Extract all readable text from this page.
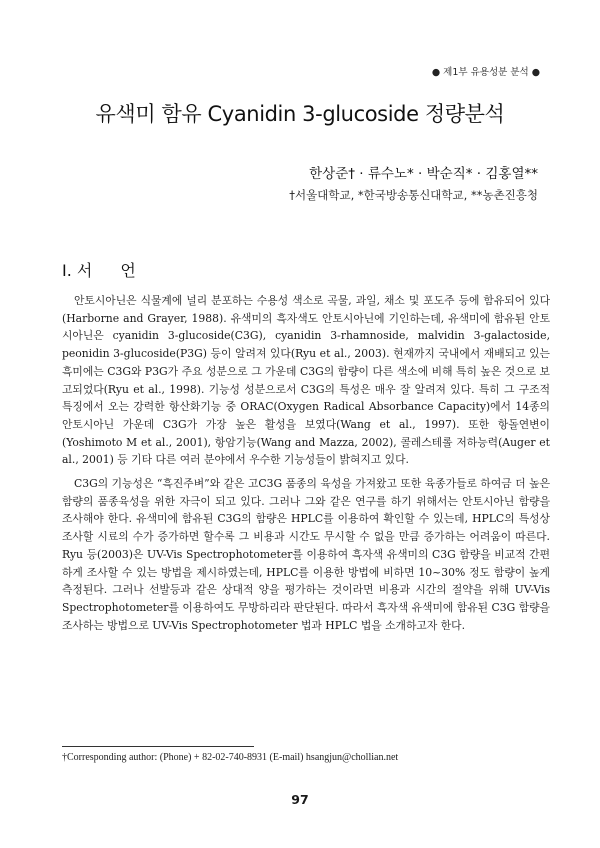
● 제1부 유용성분 분석 ●
유색미 함유 Cyanidin 3-glucoside 정량분석
한상준† · 류수노* · 박순직* · 김홍열**
†서울대학교, *한국방송통신대학교, **농촌진흥청
I. 서 언

안토시아닌은 식물계에 널리 분포하는 수용성 색소로 곡물, 과일, 채소 및 포도주 등에 함유되어 있다(Harborne and Grayer, 1988). 유색미의 흑자색도 안토시아닌에 기인하는데, 유색미에 함유된 안토시아닌은 cyanidin 3-glucoside(C3G), cyanidin 3-rhamnoside, malvidin 3-galactoside, peonidin 3-glucoside(P3G) 등이 알려져 있다(Ryu et al., 2003). 현재까지 국내에서 재배되고 있는 흑미에는 C3G와 P3G가 주요 성분으로 그 가운데 C3G의 함량이 다른 색소에 비해 특히 높은 것으로 보고되었다(Ryu et al., 1998). 기능성 성분으로서 C3G의 특성은 매우 잘 알려져 있다. 특히 그 구조적 특징에서 오는 강력한 항산화기능 중 ORAC(Oxygen Radical Absorbance Capacity)에서 14종의 안토시아닌 가운데 C3G가 가장 높은 활성을 보였다(Wang et al., 1997). 또한 항돌연변이(Yoshimoto M et al., 2001), 항암기능(Wang and Mazza, 2002), 콜레스테롤 저하능력(Auger et al., 2001) 등 기타 다른 여러 분야에서 우수한 기능성들이 밝혀지고 있다.

C3G의 기능성은 “흑진주벼”와 같은 고C3G 품종의 육성을 가져왔고 또한 육종가들로 하여금 더 높은 함량의 품종육성을 위한 자극이 되고 있다. 그러나 그와 같은 연구를 하기 위해서는 안토시아닌 함량을 조사해야 한다. 유색미에 함유된 C3G의 함량은 HPLC를 이용하여 확인할 수 있는데, HPLC의 특성상 조사할 시료의 수가 증가하면 할수록 그 비용과 시간도 무시할 수 없을 만큼 증가하는 어려움이 따른다. Ryu 등(2003)은 UV-Vis Spectrophotometer를 이용하여 흑자색 유색미의 C3G 함량을 비교적 간편하게 조사할 수 있는 방법을 제시하였는데, HPLC를 이용한 방법에 비하면 10~30% 정도 함량이 높게 측정된다. 그러나 선발등과 같은 상대적 양을 평가하는 것이라면 비용과 시간의 절약을 위해 UV-Vis Spectrophotometer를 이용하여도 무방하리라 판단된다. 따라서 흑자색 유색미에 함유된 C3G 함량을 조사하는 방법으로 UV-Vis Spectrophotometer 법과 HPLC 법을 소개하고자 한다.

†Corresponding author: (Phone) + 82-02-740-8931 (E-mail) hsangjun@chollian.net
97
